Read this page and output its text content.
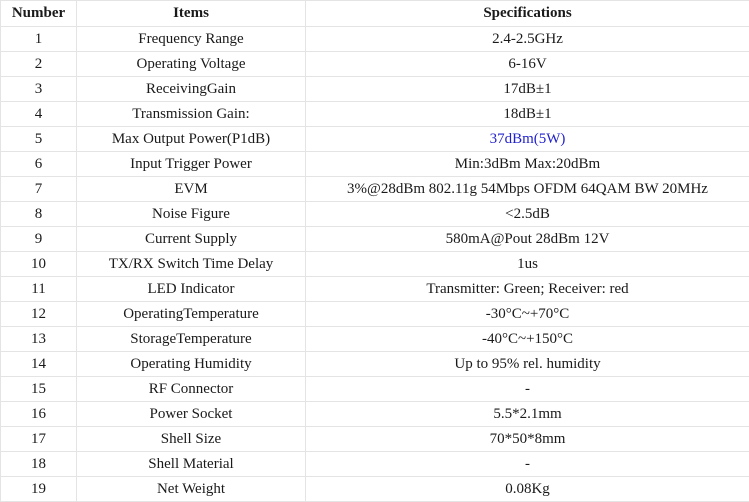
Number	Items	Specifications
1	Frequency Range	2.4-2.5GHz
2	Operating Voltage	6-16V
3	ReceivingGain	17dB±1
4	Transmission Gain:	18dB±1
5	Max Output Power(P1dB)	37dBm(5W)
6	Input Trigger Power	Min:3dBm Max:20dBm
7	EVM	3%@28dBm 802.11g 54Mbps OFDM 64QAM BW 20MHz
8	Noise Figure	<2.5dB
9	Current Supply	580mA@Pout 28dBm 12V
10	TX/RX Switch Time Delay	1us
11	LED Indicator	Transmitter: Green; Receiver: red
12	OperatingTemperature	-30°C~+70°C
13	StorageTemperature	-40°C~+150°C
14	Operating Humidity	Up to 95% rel. humidity
15	RF Connector	-
16	Power Socket	5.5*2.1mm
17	Shell Size	70*50*8mm
18	Shell Material	-
19	Net Weight	0.08Kg
